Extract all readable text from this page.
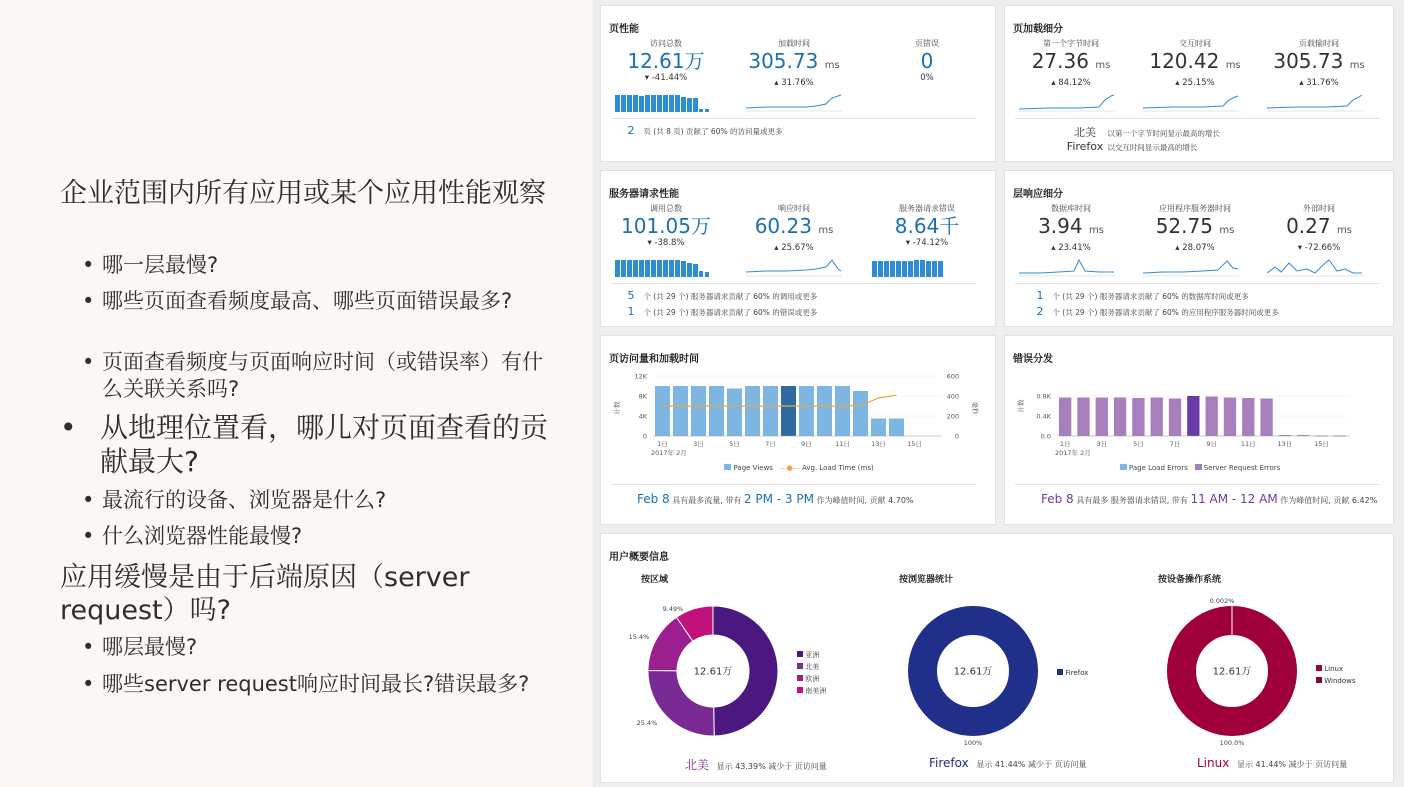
企业范围内所有应用或某个应用性能观察
• 哪一层最慢?
• 哪些页面查看频度最高、哪些页面错误最多?
• 页面查看频度与页面响应时间（或错误率）有什么关联关系吗?
• 从地理位置看，哪儿对页面查看的贡献最大?
• 最流行的设备、浏览器是什么?
• 什么浏览器性能最慢?
应用缓慢是由于后端原因（server request）吗?
• 哪层最慢?
• 哪些server request响应时间最长?错误最多?
页性能
访问总数
12.61万
▾ -41.44%
加载时间
305.73 ms
▴ 31.76%
页错误
0
0%
2 页 (共 8 页) 贡献了 60% 的访问量或更多
页加载细分
第一个字节时间
27.36 ms
▴ 84.12%
交互时间
120.42 ms
▴ 25.15%
页载输时间
305.73 ms
▴ 31.76%
北美 以第一个字节时间显示最高的增长
Firefox 以交互时间显示最高的增长
服务器请求性能
调用总数
101.05万
▾ -38.8%
响应时间
60.23 ms
▴ 25.67%
服务器请求错误
8.64千
▾ -74.12%
5 个 (共 29 个) 服务器请求贡献了 60% 的调用或更多
1 个 (共 29 个) 服务器请求贡献了 60% 的错误或更多
层响应细分
数据库时间
3.94 ms
▴ 23.41%
应用程序服务器时间
52.75 ms
▴ 28.07%
外部时间
0.27 ms
▾ -72.66%
1 个 (共 29 个) 服务器请求贡献了 60% 的数据库时间或更多
2 个 (共 29 个) 服务器请求贡献了 60% 的应用程序服务器时间或更多
页访问量和加载时间
12K
8K
4K
0
600
400
200
0
计数	毫秒
1日	3日	5日	7日	9日	11日	13日	15日
2017年 2月
Page Views —●— Avg. Load Time (ms)
Feb 8 具有最多流量, 带有 2 PM - 3 PM 作为峰值时间, 贡献 4.70%
错误分发
0.8K
0.4K
0.0
计数
1日	3日	5日	7日	9日	11日	13日	15日
2017年 2月
Page Load Errors Server Request Errors
Feb 8 具有最多 服务器请求错误, 带有 11 AM - 12 AM 作为峰值时间, 贡献 6.42%
用户概要信息
按区域
12.61万
9.49%
15.4%
25.4%
亚洲
北美
欧洲
南美洲
北美 显示 43.39% 减少于 页访问量
按浏览器统计
12.61万
100%
Firefox
Firefox 显示 41.44% 减少于 页访问量
按设备操作系统
12.61万
0.002%
100.0%
Linux
Windows
Linux 显示 41.44% 减少于 页访问量
